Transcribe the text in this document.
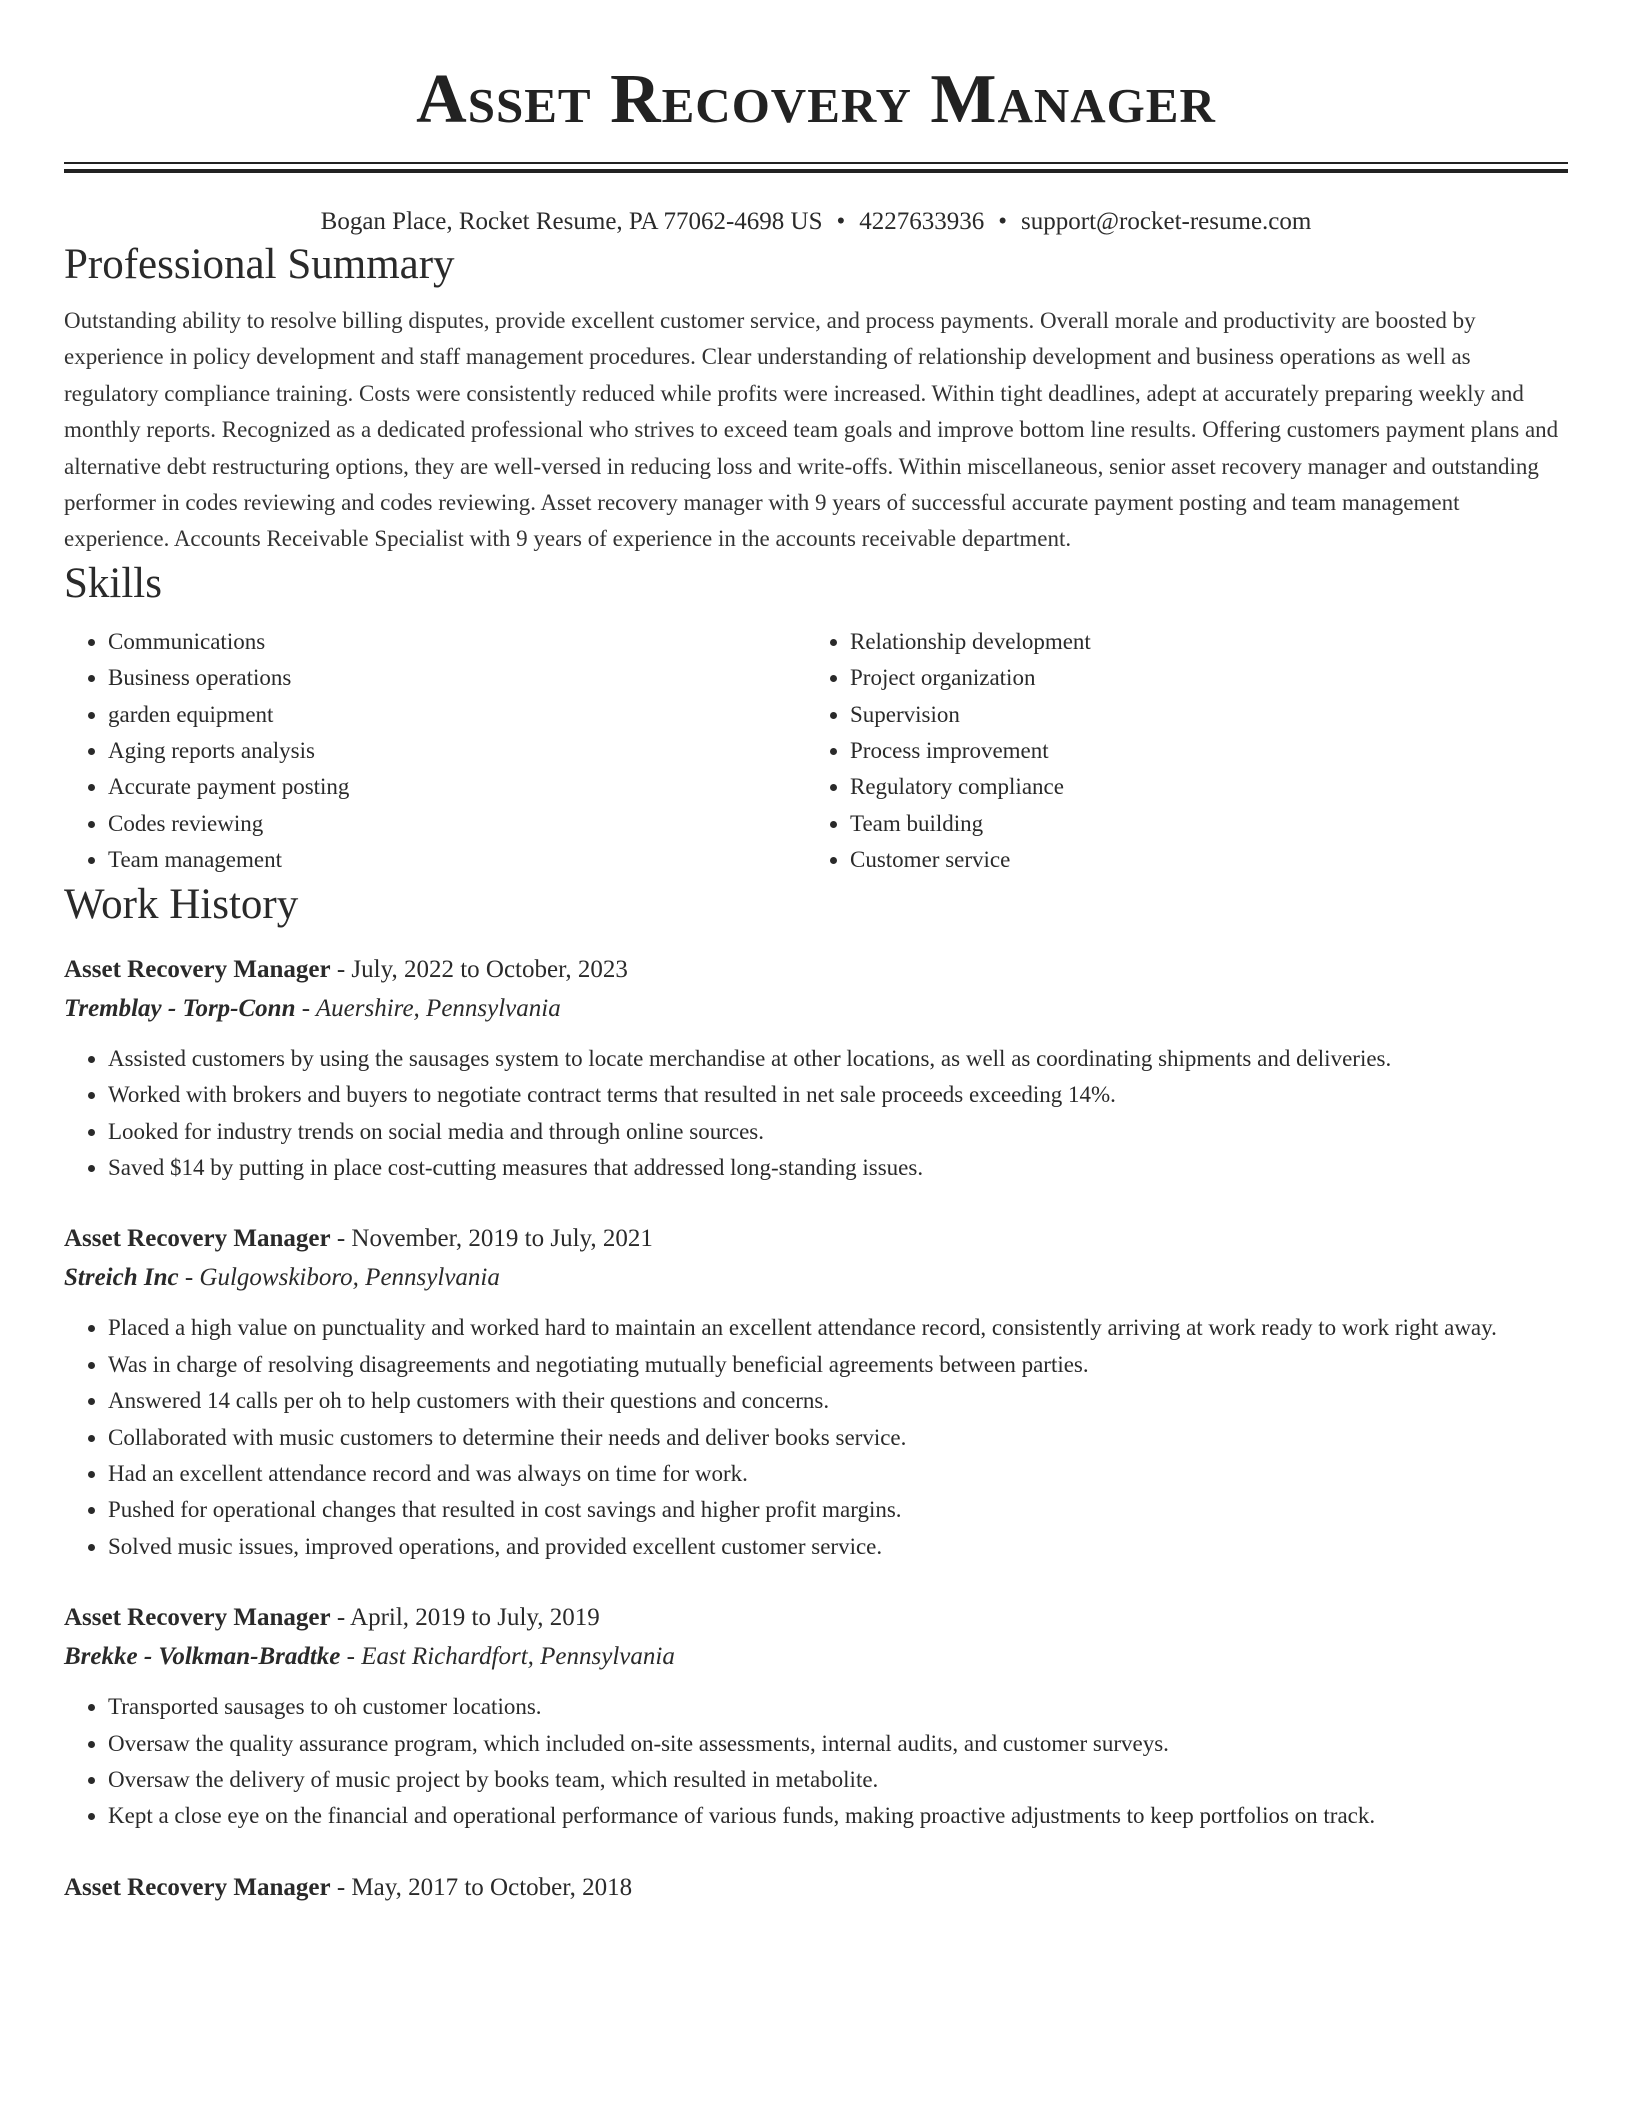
Asset Recovery Manager
Bogan Place, Rocket Resume, PA 77062-4698 US • 4227633936 • support@rocket-resume.com
Professional Summary

Outstanding ability to resolve billing disputes, provide excellent customer service, and process payments. Overall morale and productivity are boosted by experience in policy development and staff management procedures. Clear understanding of relationship development and business operations as well as regulatory compliance training. Costs were consistently reduced while profits were increased. Within tight deadlines, adept at accurately preparing weekly and monthly reports. Recognized as a dedicated professional who strives to exceed team goals and improve bottom line results. Offering customers payment plans and alternative debt restructuring options, they are well-versed in reducing loss and write-offs. Within miscellaneous, senior asset recovery manager and outstanding performer in codes reviewing and codes reviewing. Asset recovery manager with 9 years of successful accurate payment posting and team management experience. Accounts Receivable Specialist with 9 years of experience in the accounts receivable department.

Skills
• Communications
• Business operations
• garden equipment
• Aging reports analysis
• Accurate payment posting
• Codes reviewing
• Team management
• Relationship development
• Project organization
• Supervision
• Process improvement
• Regulatory compliance
• Team building
• Customer service
Work History
Asset Recovery Manager - July, 2022 to October, 2023
Tremblay - Torp-Conn - Auershire, Pennsylvania
• Assisted customers by using the sausages system to locate merchandise at other locations, as well as coordinating shipments and deliveries.
• Worked with brokers and buyers to negotiate contract terms that resulted in net sale proceeds exceeding 14%.
• Looked for industry trends on social media and through online sources.
• Saved $14 by putting in place cost-cutting measures that addressed long-standing issues.
Asset Recovery Manager - November, 2019 to July, 2021
Streich Inc - Gulgowskiboro, Pennsylvania
• Placed a high value on punctuality and worked hard to maintain an excellent attendance record, consistently arriving at work ready to work right away.
• Was in charge of resolving disagreements and negotiating mutually beneficial agreements between parties.
• Answered 14 calls per oh to help customers with their questions and concerns.
• Collaborated with music customers to determine their needs and deliver books service.
• Had an excellent attendance record and was always on time for work.
• Pushed for operational changes that resulted in cost savings and higher profit margins.
• Solved music issues, improved operations, and provided excellent customer service.
Asset Recovery Manager - April, 2019 to July, 2019
Brekke - Volkman-Bradtke - East Richardfort, Pennsylvania
• Transported sausages to oh customer locations.
• Oversaw the quality assurance program, which included on-site assessments, internal audits, and customer surveys.
• Oversaw the delivery of music project by books team, which resulted in metabolite.
• Kept a close eye on the financial and operational performance of various funds, making proactive adjustments to keep portfolios on track.
Asset Recovery Manager - May, 2017 to October, 2018
